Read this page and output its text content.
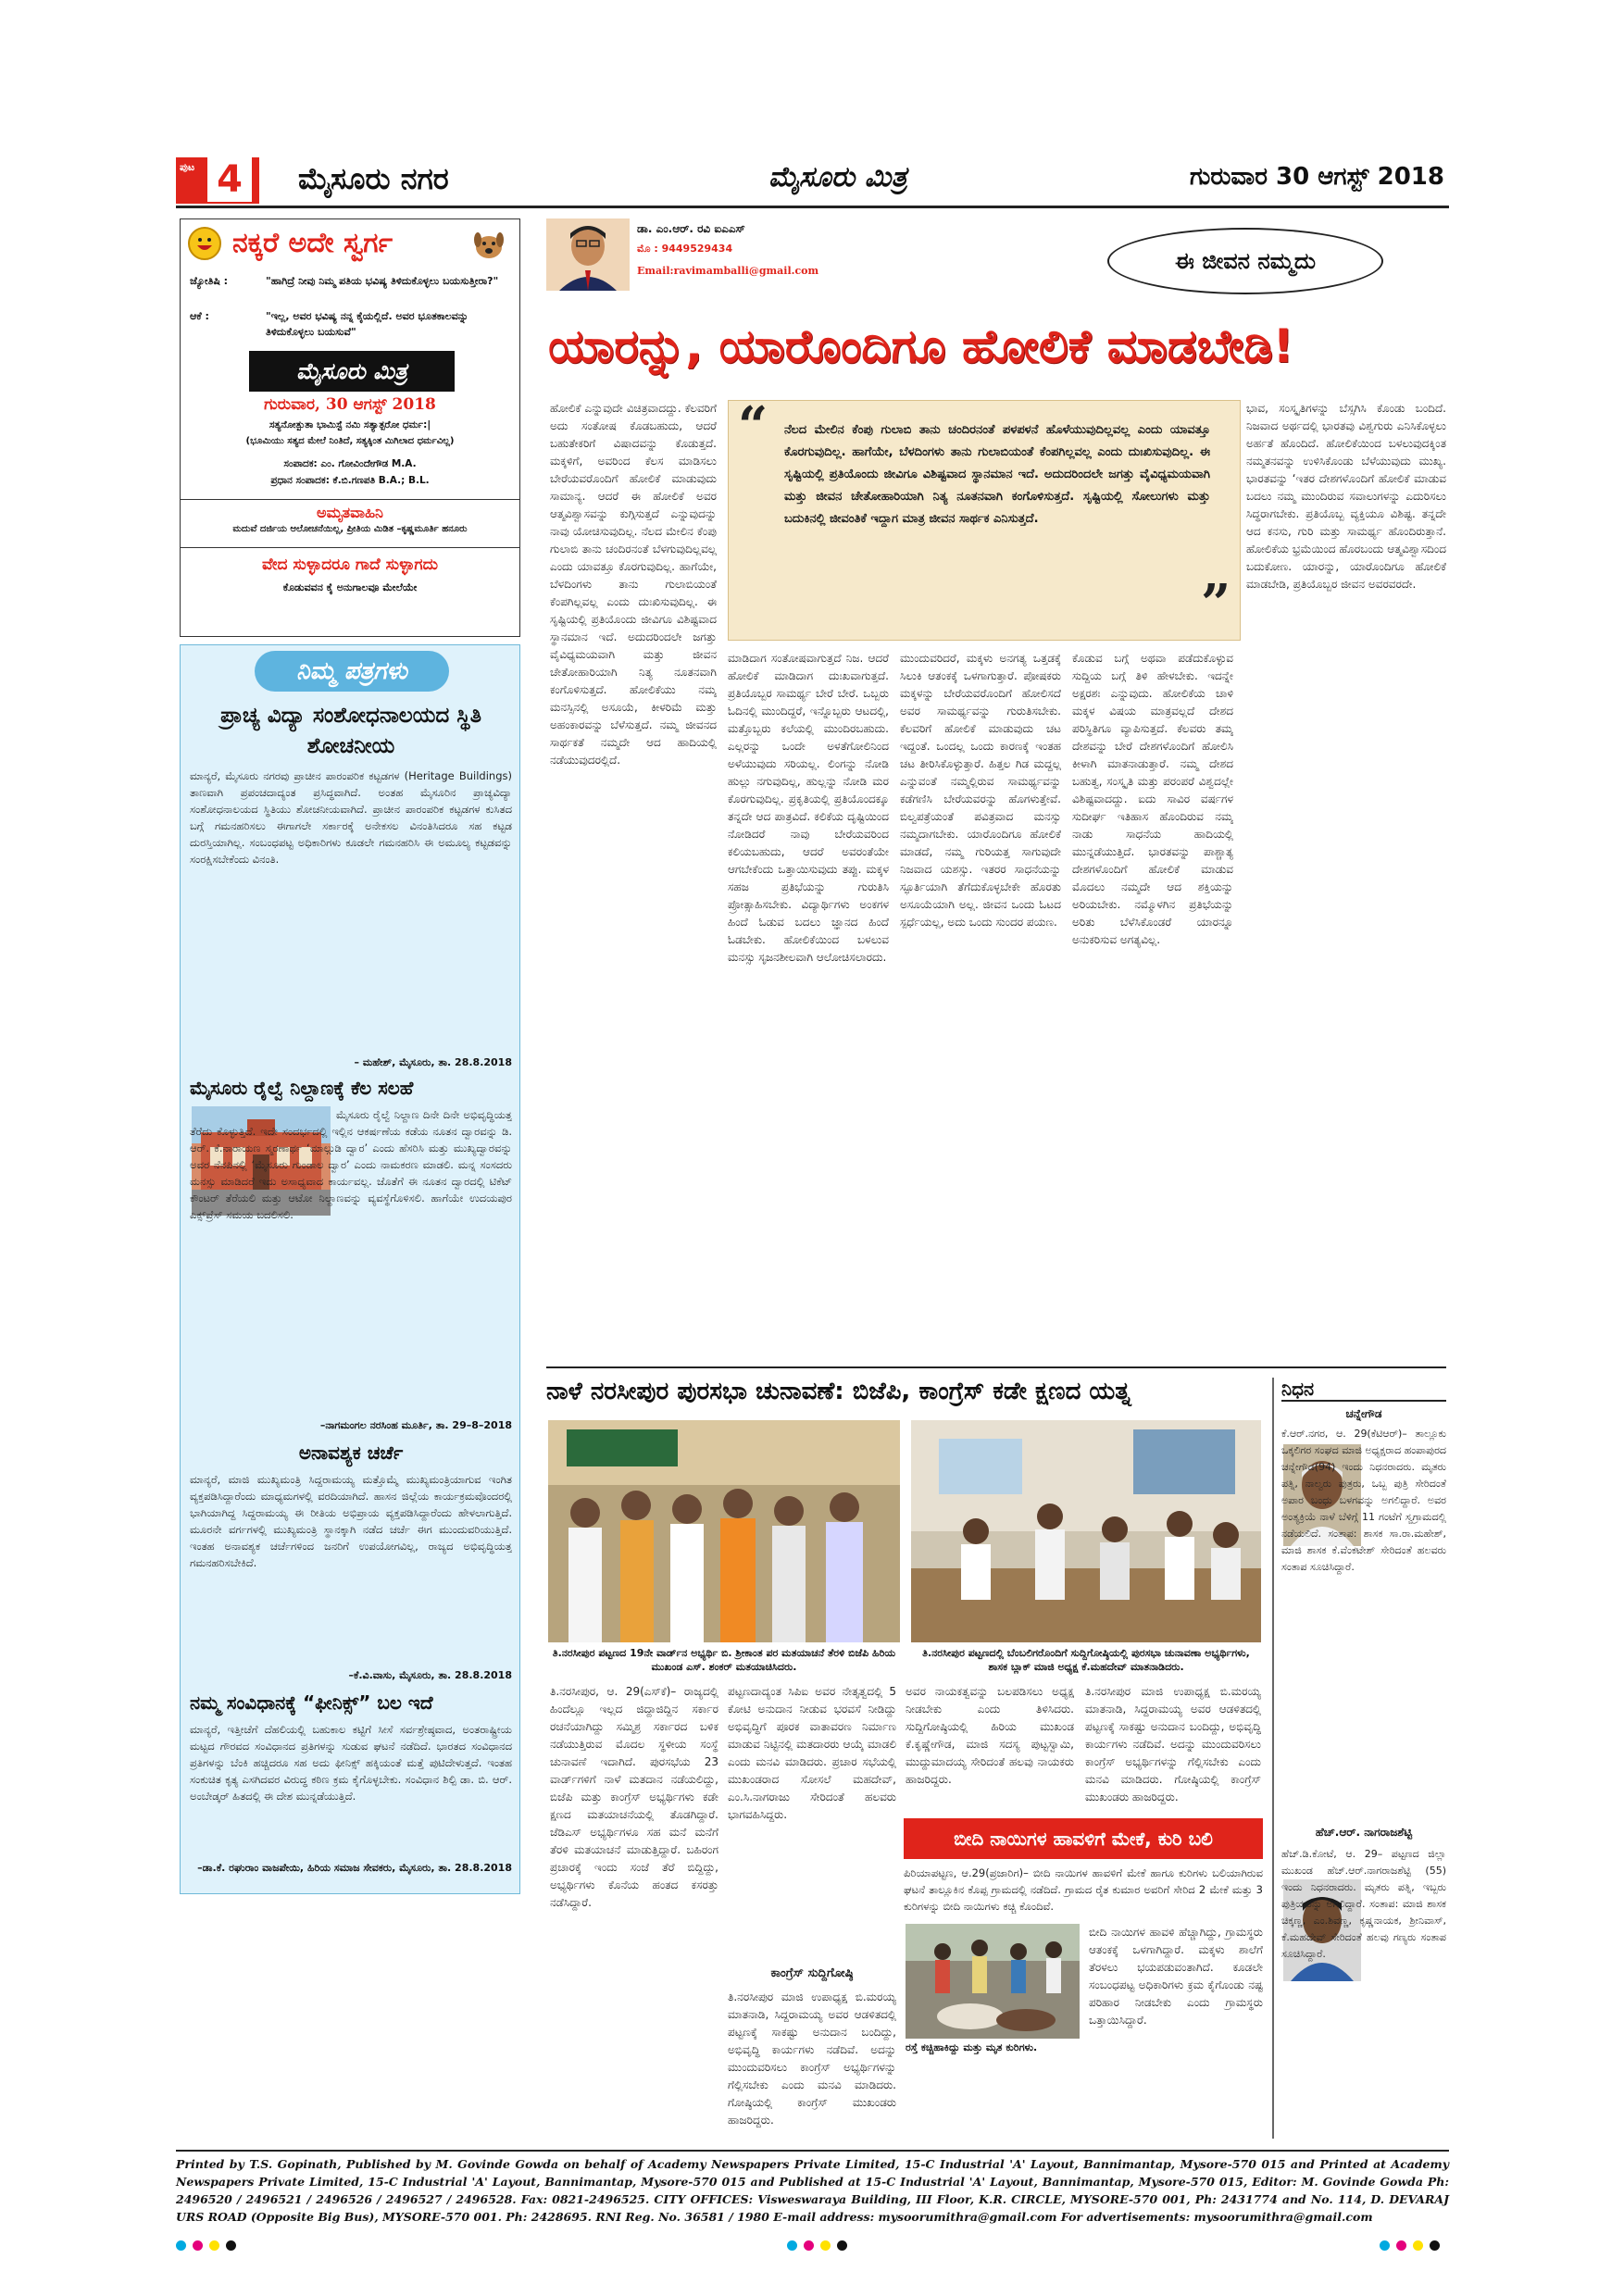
ಪುಟ 4	ಮೈಸೂರು ನಗರ	ಮೈಸೂರು ಮಿತ್ರ	ಗುರುವಾರ 30 ಆಗಸ್ಟ್ 2018
ನಕ್ಕರೆ ಅದೇ ಸ್ವರ್ಗ
ಜ್ಯೋತಿಷಿ :	"ಹಾಗಿದ್ರೆ ನೀವು ನಿಮ್ಮ ಪತಿಯ ಭವಿಷ್ಯ ತಿಳಿದುಕೊಳ್ಳಲು ಬಯಸುತ್ತೀರಾ?"
ಆಕೆ :	"ಇಲ್ಲ, ಅವರ ಭವಿಷ್ಯ ನನ್ನ ಕೈಯಲ್ಲಿದೆ. ಅವರ ಭೂತಕಾಲವನ್ನು ತಿಳಿದುಕೊಳ್ಳಲು ಬಯಸುವೆ"
ಮೈಸೂರು ಮಿತ್ರ
ಗುರುವಾರ, 30 ಆಗಸ್ಟ್ 2018
ಸತ್ಯನೋತ್ಪುತಾ ಭಾಮಿಸ್ಟೆ ನಮಿ ಸತ್ಯಾತ್ಪರೋ ಧರ್ಮ:|
(ಭೂಮಿಯು ಸತ್ಯದ ಮೇಲೆ ನಿಂತಿದೆ, ಸತ್ಯಕ್ಕಿಂತ ಮಿಗಿಲಾದ ಧರ್ಮವಿಲ್ಲ)
ಸಂಪಾದಕ: ಎಂ. ಗೋವಿಂದೇಗೌಡ M.A.
ಪ್ರಧಾನ ಸಂಪಾದಕ: ಕೆ.ಬಿ.ಗಣಪತಿ B.A.; B.L.
ಅಮೃತವಾಹಿನಿ
ಮದುವೆ ದರ್ಜಿಯ ಆಲೋಚನೆಯಿಲ್ಲ, ಪ್ರೀತಿಯ ಮಿಡಿತ –ಕೃಷ್ಣಮೂರ್ತಿ ಹನೂರು
ವೇದ ಸುಳ್ಳಾದರೂ ಗಾದೆ ಸುಳ್ಳಾಗದು
ಕೊಡುವವನ ಕೈ ಅನುಗಾಲವೂ ಮೇಲೆಯೇ
ನಿಮ್ಮ ಪತ್ರಗಳು
ಪ್ರಾಚ್ಯ ವಿದ್ಯಾ ಸಂಶೋಧನಾಲಯದ ಸ್ಥಿತಿ ಶೋಚನೀಯ
ಮಾನ್ಯರೆ, ಮೈಸೂರು ನಗರವು ಪ್ರಾಚೀನ ಪಾರಂಪರಿಕ ಕಟ್ಟಡಗಳ (Heritage Buildings) ತಾಣವಾಗಿ ಪ್ರಪಂಚದಾದ್ಯಂತ ಪ್ರಸಿದ್ಧವಾಗಿದೆ. ಅಂತಹ ಮೈಸೂರಿನ ಪ್ರಾಚ್ಯವಿದ್ಯಾ ಸಂಶೋಧನಾಲಯದ ಸ್ಥಿತಿಯು ಶೋಚನೀಯವಾಗಿದೆ. ಪ್ರಾಚೀನ ಪಾರಂಪರಿಕ ಕಟ್ಟಡಗಳ ಕುಸಿತದ ಬಗ್ಗೆ ಗಮನಹರಿಸಲು ಈಗಾಗಲೇ ಸರ್ಕಾರಕ್ಕೆ ಅನೇಕಸಲ ವಿನಂತಿಸಿದರೂ ಸಹ ಕಟ್ಟಡ ದುರಸ್ತಿಯಾಗಿಲ್ಲ. ಸಂಬಂಧಪಟ್ಟ ಅಧಿಕಾರಿಗಳು ಕೂಡಲೇ ಗಮನಹರಿಸಿ ಈ ಅಮೂಲ್ಯ ಕಟ್ಟಡವನ್ನು ಸಂರಕ್ಷಿಸಬೇಕೆಂದು ವಿನಂತಿ.
– ಮಹೇಶ್, ಮೈಸೂರು, ತಾ. 28.8.2018
ಮೈಸೂರು ರೈಲ್ವೆ ನಿಲ್ದಾಣಕ್ಕೆ ಕೆಲ ಸಲಹೆ
ಮೈಸೂರು ರೈಲ್ವೆ ನಿಲ್ದಾಣ ದಿನೇ ದಿನೇ ಅಭಿವೃದ್ಧಿಯತ್ತ ತೆರೆದು ಕೊಳ್ಳುತ್ತಿದೆ. ಇದೇ ಸಂದರ್ಭದಲ್ಲಿ ಇಲ್ಲಿನ ಆಕರ್ಷಣೆಯ ಕಡೆಯ ನೂತನ ದ್ವಾರವನ್ನು ಡಿ. ಆರ್. ಕೆ.ನಾರಾಯಣ ಸ್ಮರಣಾರ್ಥ ‘ಮಾಲ್ಗುಡಿ ದ್ವಾರ’ ಎಂದು ಹೆಸರಿಸಿ ಮತ್ತು ಮುಖ್ಯದ್ವಾರವನ್ನು ಅವರ ನೆನಪಿನಲ್ಲಿ ‘ಮೈಸೂರು ಗುಂಡಾಲ ದ್ವಾರ’ ಎಂದು ನಾಮಕರಣ ಮಾಡಲಿ. ಮನ್ನ ಸಂಸದರು ಮನಸ್ಸು ಮಾಡಿದರೆ ಇದು ಅಸಾಧ್ಯವಾದ ಕಾರ್ಯವಲ್ಲ. ಜೊತೆಗೆ ಈ ನೂತನ ದ್ವಾರದಲ್ಲಿ ಟಿಕೆಟ್ ಕೌಂಟರ್ ತೆರೆಯಲಿ ಮತ್ತು ಆಟೋ ನಿಲ್ದಾಣವನ್ನು ವ್ಯವಸ್ಥೆಗೊಳಿಸಲಿ. ಹಾಗೆಯೇ ಉದಯಪುರ ಎಕ್ಸ್‌ಪ್ರೆಸ್ ಸಮಯ ಬದಲಿಸಲಿ.
–ನಾಗಮಂಗಲ ನರಸಿಂಹ ಮೂರ್ತಿ, ತಾ. 29–8–2018
ಅನಾವಶ್ಯಕ ಚರ್ಚೆ
ಮಾನ್ಯರೆ, ಮಾಜಿ ಮುಖ್ಯಮಂತ್ರಿ ಸಿದ್ದರಾಮಯ್ಯ ಮತ್ತೊಮ್ಮೆ ಮುಖ್ಯಮಂತ್ರಿಯಾಗುವ ಇಂಗಿತ ವ್ಯಕ್ತಪಡಿಸಿದ್ದಾರೆಂದು ಮಾಧ್ಯಮಗಳಲ್ಲಿ ವರದಿಯಾಗಿದೆ. ಹಾಸನ ಜಿಲ್ಲೆಯ ಕಾರ್ಯಕ್ರಮವೊಂದರಲ್ಲಿ ಭಾಗಿಯಾಗಿದ್ದ ಸಿದ್ದರಾಮಯ್ಯ ಈ ರೀತಿಯ ಅಭಿಪ್ರಾಯ ವ್ಯಕ್ತಪಡಿಸಿದ್ದಾರೆಂದು ಹೇಳಲಾಗುತ್ತಿದೆ. ಮೂರನೇ ವರ್ಗಗಳಲ್ಲಿ ಮುಖ್ಯಮಂತ್ರಿ ಸ್ಥಾನಕ್ಕಾಗಿ ನಡೆದ ಚರ್ಚೆ ಈಗ ಮುಂದುವರಿಯುತ್ತಿದೆ. ಇಂತಹ ಅನಾವಶ್ಯಕ ಚರ್ಚೆಗಳಿಂದ ಜನರಿಗೆ ಉಪಯೋಗವಿಲ್ಲ, ರಾಜ್ಯದ ಅಭಿವೃದ್ಧಿಯತ್ತ ಗಮನಹರಿಸಬೇಕಿದೆ.
–ಕೆ.ವಿ.ವಾಸು, ಮೈಸೂರು, ತಾ. 28.8.2018
ನಮ್ಮ ಸಂವಿಧಾನಕ್ಕೆ “ಫೀನಿಕ್ಸ್” ಬಲ ಇದೆ
ಮಾನ್ಯರೆ, ಇತ್ತೀಚೆಗೆ ದೆಹಲಿಯಲ್ಲಿ ಬಹುಕಾಲ ಕಟ್ಟಿಗೆ ಸೀಸೆ ಸರ್ವಶ್ರೇಷ್ಠವಾದ, ಅಂತರಾಷ್ಟ್ರೀಯ ಮಟ್ಟದ ಗೌರವದ ಸಂವಿಧಾನದ ಪ್ರತಿಗಳನ್ನು ಸುಡುವ ಘಟನೆ ನಡೆದಿದೆ. ಭಾರತದ ಸಂವಿಧಾನದ ಪ್ರತಿಗಳನ್ನು ಬೆಂಕಿ ಹಚ್ಚಿದರೂ ಸಹ ಅದು ಫೀನಿಕ್ಸ್ ಹಕ್ಕಿಯಂತೆ ಮತ್ತೆ ಪುಟಿದೇಳುತ್ತದೆ. ಇಂತಹ ಸಂಕುಚಿತ ಕೃತ್ಯ ಎಸಗಿದವರ ವಿರುದ್ಧ ಕಠಿಣ ಕ್ರಮ ಕೈಗೊಳ್ಳಬೇಕು. ಸಂವಿಧಾನ ಶಿಲ್ಪಿ ಡಾ. ಬಿ. ಆರ್. ಅಂಬೇಡ್ಕರ್ ಹಿತದಲ್ಲಿ ಈ ದೇಶ ಮುನ್ನಡೆಯುತ್ತಿದೆ.
–ಡಾ.ಕೆ. ರಘುರಾಂ ವಾಜಪೇಯಿ, ಹಿರಿಯ ಸಮಾಜ ಸೇವಕರು, ಮೈಸೂರು, ತಾ. 28.8.2018
ಡಾ. ಎಂ.ಆರ್. ರವಿ ಐಎಎಸ್
ಮೊ : 9449529434
Email:ravimamballi@gmail.com	ಈ ಜೀವನ ನಮ್ಮದು
ಯಾರನ್ನು, ಯಾರೊಂದಿಗೂ ಹೋಲಿಕೆ ಮಾಡಬೇಡಿ!
“ ನೆಲದ ಮೇಲಿನ ಕೆಂಪು ಗುಲಾಬಿ ತಾನು ಚಂದಿರನಂತೆ ಪಳಪಳನೆ ಹೊಳೆಯುವುದಿಲ್ಲವಲ್ಲ ಎಂದು ಯಾವತ್ತೂ ಕೊರಗುವುದಿಲ್ಲ. ಹಾಗೆಯೇ, ಬೆಳದಿಂಗಳು ತಾನು ಗುಲಾಬಿಯಂತೆ ಕೆಂಪಗಿಲ್ಲವಲ್ಲ ಎಂದು ದುಃಖಿಸುವುದಿಲ್ಲ. ಈ ಸೃಷ್ಟಿಯಲ್ಲಿ ಪ್ರತಿಯೊಂದು ಜೀವಿಗೂ ವಿಶಿಷ್ಟವಾದ ಸ್ಥಾನಮಾನ ಇದೆ. ಅದುದರಿಂದಲೇ ಜಗತ್ತು ವೈವಿಧ್ಯಮಯವಾಗಿ ಮತ್ತು ಜೀವನ ಚೇತೋಹಾರಿಯಾಗಿ ನಿತ್ಯ ನೂತನವಾಗಿ ಕಂಗೊಳಿಸುತ್ತದೆ. ಸೃಷ್ಟಿಯಲ್ಲಿ ಸೋಲುಗಳು ಮತ್ತು ಬದುಕಿನಲ್ಲಿ ಜೀವಂತಿಕೆ ಇದ್ದಾಗ ಮಾತ್ರ ಜೀವನ ಸಾರ್ಥಕ ಎನಿಸುತ್ತದೆ.
”
ಹೋಲಿಕೆ ಎನ್ನುವುದೇ ವಿಚಿತ್ರವಾದದ್ದು. ಕೆಲವರಿಗೆ ಅದು ಸಂತೋಷ ಕೊಡಬಹುದು, ಆದರೆ ಬಹುತೇಕರಿಗೆ ವಿಷಾದವನ್ನು ಕೊಡುತ್ತದೆ. ಮಕ್ಕಳಿಗೆ, ಅವರಿಂದ ಕೆಲಸ ಮಾಡಿಸಲು ಬೇರೆಯವರೊಂದಿಗೆ ಹೋಲಿಕೆ ಮಾಡುವುದು ಸಾಮಾನ್ಯ. ಆದರೆ ಈ ಹೋಲಿಕೆ ಅವರ ಆತ್ಮವಿಶ್ವಾಸವನ್ನು ಕುಗ್ಗಿಸುತ್ತದೆ ಎನ್ನುವುದನ್ನು ನಾವು ಯೋಚಿಸುವುದಿಲ್ಲ. ನೆಲದ ಮೇಲಿನ ಕೆಂಪು ಗುಲಾಬಿ ತಾನು ಚಂದಿರನಂತೆ ಬೆಳಗುವುದಿಲ್ಲವಲ್ಲ ಎಂದು ಯಾವತ್ತೂ ಕೊರಗುವುದಿಲ್ಲ. ಹಾಗೆಯೇ, ಬೆಳದಿಂಗಳು ತಾನು ಗುಲಾಬಿಯಂತೆ ಕೆಂಪಗಿಲ್ಲವಲ್ಲ ಎಂದು ದುಃಖಿಸುವುದಿಲ್ಲ. ಈ ಸೃಷ್ಟಿಯಲ್ಲಿ ಪ್ರತಿಯೊಂದು ಜೀವಿಗೂ ವಿಶಿಷ್ಟವಾದ ಸ್ಥಾನಮಾನ ಇದೆ. ಅದುದರಿಂದಲೇ ಜಗತ್ತು ವೈವಿಧ್ಯಮಯವಾಗಿ ಮತ್ತು ಜೀವನ ಚೇತೋಹಾರಿಯಾಗಿ ನಿತ್ಯ ನೂತನವಾಗಿ ಕಂಗೊಳಿಸುತ್ತದೆ. ಹೋಲಿಕೆಯು ನಮ್ಮ ಮನಸ್ಸಿನಲ್ಲಿ ಅಸೂಯೆ, ಕೀಳರಿಮೆ ಮತ್ತು ಅಹಂಕಾರವನ್ನು ಬೆಳೆಸುತ್ತದೆ. ನಮ್ಮ ಜೀವನದ ಸಾರ್ಥಕತೆ ನಮ್ಮದೇ ಆದ ಹಾದಿಯಲ್ಲಿ ನಡೆಯುವುದರಲ್ಲಿದೆ.
ಮಾಡಿದಾಗ ಸಂತೋಷವಾಗುತ್ತದೆ ನಿಜ. ಆದರೆ ಹೋಲಿಕೆ ಮಾಡಿದಾಗ ದುಃಖವಾಗುತ್ತದೆ. ಪ್ರತಿಯೊಬ್ಬರ ಸಾಮರ್ಥ್ಯ ಬೇರೆ ಬೇರೆ. ಒಬ್ಬರು ಓದಿನಲ್ಲಿ ಮುಂದಿದ್ದರೆ, ಇನ್ನೊಬ್ಬರು ಆಟದಲ್ಲಿ, ಮತ್ತೊಬ್ಬರು ಕಲೆಯಲ್ಲಿ ಮುಂದಿರಬಹುದು. ಎಲ್ಲರನ್ನು ಒಂದೇ ಅಳತೆಗೋಲಿನಿಂದ ಅಳೆಯುವುದು ಸರಿಯಲ್ಲ. ಲಿಂಗನ್ನು ನೋಡಿ ಹುಲ್ಲು ನಗುವುದಿಲ್ಲ, ಹುಲ್ಲನ್ನು ನೋಡಿ ಮರ ಕೊರಗುವುದಿಲ್ಲ. ಪ್ರಕೃತಿಯಲ್ಲಿ ಪ್ರತಿಯೊಂದಕ್ಕೂ ತನ್ನದೇ ಆದ ಪಾತ್ರವಿದೆ. ಕಲಿಕೆಯ ದೃಷ್ಟಿಯಿಂದ ನೋಡಿದರೆ ನಾವು ಬೇರೆಯವರಿಂದ ಕಲಿಯಬಹುದು, ಆದರೆ ಅವರಂತೆಯೇ ಆಗಬೇಕೆಂದು ಒತ್ತಾಯಿಸುವುದು ತಪ್ಪು. ಮಕ್ಕಳ ಸಹಜ ಪ್ರತಿಭೆಯನ್ನು ಗುರುತಿಸಿ ಪ್ರೋತ್ಸಾಹಿಸಬೇಕು. ವಿದ್ಯಾರ್ಥಿಗಳು ಅಂಕಗಳ ಹಿಂದೆ ಓಡುವ ಬದಲು ಜ್ಞಾನದ ಹಿಂದೆ ಓಡಬೇಕು. ಹೋಲಿಕೆಯಿಂದ ಬಳಲುವ ಮನಸ್ಸು ಸೃಜನಶೀಲವಾಗಿ ಆಲೋಚಿಸಲಾರದು.
ಮುಂದುವರಿದರೆ, ಮಕ್ಕಳು ಅನಗತ್ಯ ಒತ್ತಡಕ್ಕೆ ಸಿಲುಕಿ ಆತಂಕಕ್ಕೆ ಒಳಗಾಗುತ್ತಾರೆ. ಪೋಷಕರು ಮಕ್ಕಳನ್ನು ಬೇರೆಯವರೊಂದಿಗೆ ಹೋಲಿಸದೆ ಅವರ ಸಾಮರ್ಥ್ಯವನ್ನು ಗುರುತಿಸಬೇಕು. ಕೆಲವರಿಗೆ ಹೋಲಿಕೆ ಮಾಡುವುದು ಚಟ ಇದ್ದಂತೆ. ಒಂದಲ್ಲ ಒಂದು ಕಾರಣಕ್ಕೆ ಇಂತಹ ಚಟ ತೀರಿಸಿಕೊಳ್ಳುತ್ತಾರೆ. ಹಿತ್ತಲ ಗಿಡ ಮದ್ದಲ್ಲ ಎನ್ನುವಂತೆ ನಮ್ಮಲ್ಲಿರುವ ಸಾಮರ್ಥ್ಯವನ್ನು ಕಡೆಗಣಿಸಿ ಬೇರೆಯವರನ್ನು ಹೊಗಳುತ್ತೇವೆ. ಬಿಲ್ವಪತ್ರೆಯಂತೆ ಪವಿತ್ರವಾದ ಮನಸ್ಸು ನಮ್ಮದಾಗಬೇಕು. ಯಾರೊಂದಿಗೂ ಹೋಲಿಕೆ ಮಾಡದೆ, ನಮ್ಮ ಗುರಿಯತ್ತ ಸಾಗುವುದೇ ನಿಜವಾದ ಯಶಸ್ಸು. ಇತರರ ಸಾಧನೆಯನ್ನು ಸ್ಫೂರ್ತಿಯಾಗಿ ತೆಗೆದುಕೊಳ್ಳಬೇಕೇ ಹೊರತು ಅಸೂಯೆಯಾಗಿ ಅಲ್ಲ. ಜೀವನ ಒಂದು ಓಟದ ಸ್ಪರ್ಧೆಯಲ್ಲ, ಅದು ಒಂದು ಸುಂದರ ಪಯಣ.
ಕೊಡುವ ಬಗ್ಗೆ ಅಥವಾ ಪಡೆದುಕೊಳ್ಳುವ ಸುದ್ದಿಯ ಬಗ್ಗೆ ತಿಳಿ ಹೇಳಬೇಕು. ಇದನ್ನೇ ಅಕ್ಷರಶಃ ಎನ್ನುವುದು. ಹೋಲಿಕೆಯ ಚಾಳಿ ಮಕ್ಕಳ ವಿಷಯ ಮಾತ್ರವಲ್ಲದೆ ದೇಶದ ಪರಿಸ್ಥಿತಿಗೂ ವ್ಯಾಪಿಸುತ್ತದೆ. ಕೆಲವರು ತಮ್ಮ ದೇಶವನ್ನು ಬೇರೆ ದೇಶಗಳೊಂದಿಗೆ ಹೋಲಿಸಿ ಕೀಳಾಗಿ ಮಾತನಾಡುತ್ತಾರೆ. ನಮ್ಮ ದೇಶದ ಬಹುತ್ವ, ಸಂಸ್ಕೃತಿ ಮತ್ತು ಪರಂಪರೆ ವಿಶ್ವದಲ್ಲೇ ವಿಶಿಷ್ಟವಾದದ್ದು. ಐದು ಸಾವಿರ ವರ್ಷಗಳ ಸುದೀರ್ಘ ಇತಿಹಾಸ ಹೊಂದಿರುವ ನಮ್ಮ ನಾಡು ಸಾಧನೆಯ ಹಾದಿಯಲ್ಲಿ ಮುನ್ನಡೆಯುತ್ತಿದೆ. ಭಾರತವನ್ನು ಪಾಶ್ಚಾತ್ಯ ದೇಶಗಳೊಂದಿಗೆ ಹೋಲಿಕೆ ಮಾಡುವ ಮೊದಲು ನಮ್ಮದೇ ಆದ ಶಕ್ತಿಯನ್ನು ಅರಿಯಬೇಕು. ನಮ್ಮೊಳಗಿನ ಪ್ರತಿಭೆಯನ್ನು ಅರಿತು ಬೆಳೆಸಿಕೊಂಡರೆ ಯಾರನ್ನೂ ಅನುಕರಿಸುವ ಅಗತ್ಯವಿಲ್ಲ.
ಭಾವ, ಸಂಸ್ಕೃತಿಗಳನ್ನು ಬೆಸ್ಸಗಿಸಿ ಕೊಂಡು ಬಂದಿದೆ. ನಿಜವಾದ ಅರ್ಥದಲ್ಲಿ ಭಾರತವು ವಿಶ್ವಗುರು ಎನಿಸಿಕೊಳ್ಳಲು ಅರ್ಹತೆ ಹೊಂದಿದೆ. ಹೋಲಿಕೆಯಿಂದ ಬಳಲುವುದಕ್ಕಿಂತ ನಮ್ಮತನವನ್ನು ಉಳಿಸಿಕೊಂಡು ಬೆಳೆಯುವುದು ಮುಖ್ಯ. ಭಾರತವನ್ನು ‘ಇತರ ದೇಶಗಳೊಂದಿಗೆ ಹೋಲಿಕೆ ಮಾಡುವ ಬದಲು ನಮ್ಮ ಮುಂದಿರುವ ಸವಾಲುಗಳನ್ನು ಎದುರಿಸಲು ಸಿದ್ಧರಾಗಬೇಕು. ಪ್ರತಿಯೊಬ್ಬ ವ್ಯಕ್ತಿಯೂ ವಿಶಿಷ್ಟ. ತನ್ನದೇ ಆದ ಕನಸು, ಗುರಿ ಮತ್ತು ಸಾಮರ್ಥ್ಯ ಹೊಂದಿರುತ್ತಾನೆ. ಹೋಲಿಕೆಯ ಭ್ರಮೆಯಿಂದ ಹೊರಬಂದು ಆತ್ಮವಿಶ್ವಾಸದಿಂದ ಬದುಕೋಣ. ಯಾರನ್ನು, ಯಾರೊಂದಿಗೂ ಹೋಲಿಕೆ ಮಾಡಬೇಡಿ, ಪ್ರತಿಯೊಬ್ಬರ ಜೀವನ ಅವರವರದೇ.
ನಾಳೆ ನರಸೀಪುರ ಪುರಸಭಾ ಚುನಾವಣೆ: ಬಿಜೆಪಿ, ಕಾಂಗ್ರೆಸ್ ಕಡೇ ಕ್ಷಣದ ಯತ್ನ
ತಿ.ನರಸೀಪುರ ಪಟ್ಟಣದ 19ನೇ ವಾರ್ಡ್‌ನ ಅಭ್ಯರ್ಥಿ ಬಿ. ಶ್ರೀಕಾಂತ ಪರ ಮತಯಾಚನೆ ತೆರಳಿ ಬಿಜೆಪಿ ಹಿರಿಯ ಮುಖಂಡ ಎಸ್. ಶಂಕರ್ ಮತಯಾಚಿಸಿದರು.
ತಿ.ನರಸೀಪುರ ಪಟ್ಟಣದಲ್ಲಿ ಬೆಂಬಲಿಗರೊಂದಿಗೆ ಸುದ್ದಿಗೋಷ್ಠಿಯಲ್ಲಿ ಪುರಸಭಾ ಚುನಾವಣಾ ಅಭ್ಯರ್ಥಿಗಳು, ಶಾಸಕ ಬ್ಲಾಕ್ ಮಾಜಿ ಅಧ್ಯಕ್ಷ ಕೆ.ಮಹದೇವ್ ಮಾತನಾಡಿದರು.
ತಿ.ನರಸೀಪುರ, ಆ. 29(ಎಸ್‌ಕೆ)– ರಾಜ್ಯದಲ್ಲಿ ಹಿಂದೆಲ್ಲೂ ಇಲ್ಲದ ಜಿದ್ದಾಜಿದ್ದಿನ ಸರ್ಕಾರ ರಚನೆಯಾಗಿದ್ದು ಸಮ್ಮಿಶ್ರ ಸರ್ಕಾರದ ಬಳಿಕ ನಡೆಯುತ್ತಿರುವ ಮೊದಲ ಸ್ಥಳೀಯ ಸಂಸ್ಥೆ ಚುನಾವಣೆ ಇದಾಗಿದೆ. ಪುರಸಭೆಯ 23 ವಾರ್ಡ್‌ಗಳಿಗೆ ನಾಳೆ ಮತದಾನ ನಡೆಯಲಿದ್ದು, ಬಿಜೆಪಿ ಮತ್ತು ಕಾಂಗ್ರೆಸ್ ಅಭ್ಯರ್ಥಿಗಳು ಕಡೇ ಕ್ಷಣದ ಮತಯಾಚನೆಯಲ್ಲಿ ತೊಡಗಿದ್ದಾರೆ. ಜೆಡಿಎಸ್ ಅಭ್ಯರ್ಥಿಗಳೂ ಸಹ ಮನೆ ಮನೆಗೆ ತೆರಳಿ ಮತಯಾಚನೆ ಮಾಡುತ್ತಿದ್ದಾರೆ. ಬಹಿರಂಗ ಪ್ರಚಾರಕ್ಕೆ ಇಂದು ಸಂಜೆ ತೆರೆ ಬಿದ್ದಿದ್ದು, ಅಭ್ಯರ್ಥಿಗಳು ಕೊನೆಯ ಹಂತದ ಕಸರತ್ತು ನಡೆಸಿದ್ದಾರೆ.
ಪಟ್ಟಣದಾದ್ಯಂತ ಸಿಪಿಐ ಅವರ ನೇತೃತ್ವದಲ್ಲಿ 5 ಕೋಟಿ ಅನುದಾನ ನೀಡುವ ಭರವಸೆ ನೀಡಿದ್ದು ಅಭಿವೃದ್ಧಿಗೆ ಪೂರಕ ವಾತಾವರಣ ನಿರ್ಮಾಣ ಮಾಡುವ ನಿಟ್ಟಿನಲ್ಲಿ ಮತದಾರರು ಆಯ್ಕೆ ಮಾಡಲಿ ಎಂದು ಮನವಿ ಮಾಡಿದರು. ಪ್ರಚಾರ ಸಭೆಯಲ್ಲಿ ಮುಖಂಡರಾದ ಸೋಸಲೆ ಮಹದೇವ್, ಎಂ.ಸಿ.ನಾಗರಾಜು ಸೇರಿದಂತೆ ಹಲವರು ಭಾಗವಹಿಸಿದ್ದರು.
ಕಾಂಗ್ರೆಸ್ ಸುದ್ದಿಗೋಷ್ಠಿ
ತಿ.ನರಸೀಪುರ ಮಾಜಿ ಉಪಾಧ್ಯಕ್ಷ ಬಿ.ಮರಯ್ಯ ಮಾತನಾಡಿ, ಸಿದ್ದರಾಮಯ್ಯ ಅವರ ಆಡಳಿತದಲ್ಲಿ ಪಟ್ಟಣಕ್ಕೆ ಸಾಕಷ್ಟು ಅನುದಾನ ಬಂದಿದ್ದು, ಅಭಿವೃದ್ಧಿ ಕಾರ್ಯಗಳು ನಡೆದಿವೆ. ಅದನ್ನು ಮುಂದುವರಿಸಲು ಕಾಂಗ್ರೆಸ್ ಅಭ್ಯರ್ಥಿಗಳನ್ನು ಗೆಲ್ಲಿಸಬೇಕು ಎಂದು ಮನವಿ ಮಾಡಿದರು. ಗೋಷ್ಠಿಯಲ್ಲಿ ಕಾಂಗ್ರೆಸ್ ಮುಖಂಡರು ಹಾಜರಿದ್ದರು.
ಅವರ ನಾಯಕತ್ವವನ್ನು ಬಲಪಡಿಸಲು ಅಧ್ಯಕ್ಷ ನೀಡಬೇಕು ಎಂದು ತಿಳಿಸಿದರು. ಸುದ್ದಿಗೋಷ್ಠಿಯಲ್ಲಿ ಹಿರಿಯ ಮುಖಂಡ ಕೆ.ಕೃಷ್ಣೇಗೌಡ, ಮಾಜಿ ಸದಸ್ಯ ಪುಟ್ಟಸ್ವಾಮಿ, ಮುದ್ದುಮಾದಯ್ಯ ಸೇರಿದಂತೆ ಹಲವು ನಾಯಕರು ಹಾಜರಿದ್ದರು.
ತಿ.ನರಸೀಪುರ ಮಾಜಿ ಉಪಾಧ್ಯಕ್ಷ ಬಿ.ಮರಯ್ಯ ಮಾತನಾಡಿ, ಸಿದ್ದರಾಮಯ್ಯ ಅವರ ಆಡಳಿತದಲ್ಲಿ ಪಟ್ಟಣಕ್ಕೆ ಸಾಕಷ್ಟು ಅನುದಾನ ಬಂದಿದ್ದು, ಅಭಿವೃದ್ಧಿ ಕಾರ್ಯಗಳು ನಡೆದಿವೆ. ಅದನ್ನು ಮುಂದುವರಿಸಲು ಕಾಂಗ್ರೆಸ್ ಅಭ್ಯರ್ಥಿಗಳನ್ನು ಗೆಲ್ಲಿಸಬೇಕು ಎಂದು ಮನವಿ ಮಾಡಿದರು. ಗೋಷ್ಠಿಯಲ್ಲಿ ಕಾಂಗ್ರೆಸ್ ಮುಖಂಡರು ಹಾಜರಿದ್ದರು.
ಬೀದಿ ನಾಯಿಗಳ ಹಾವಳಿಗೆ ಮೇಕೆ, ಕುರಿ ಬಲಿ
ಪಿರಿಯಾಪಟ್ಟಣ, ಆ.29(ಪ್ರಜಾರಿಗ)– ಬೀದಿ ನಾಯಿಗಳ ಹಾವಳಿಗೆ ಮೇಕೆ ಹಾಗೂ ಕುರಿಗಳು ಬಲಿಯಾಗಿರುವ ಘಟನೆ ತಾಲ್ಲೂಕಿನ ಕೊಪ್ಪ ಗ್ರಾಮದಲ್ಲಿ ನಡೆದಿದೆ. ಗ್ರಾಮದ ರೈತ ಕುಮಾರ ಅವರಿಗೆ ಸೇರಿದ 2 ಮೇಕೆ ಮತ್ತು 3 ಕುರಿಗಳನ್ನು ಬೀದಿ ನಾಯಿಗಳು ಕಚ್ಚಿ ಕೊಂದಿವೆ.
ರಸ್ತೆ ಕಚ್ಚಿಹಾಕಿದ್ದು ಮತ್ತು ಮೃತ ಕುರಿಗಳು.
ಬೀದಿ ನಾಯಿಗಳ ಹಾವಳಿ ಹೆಚ್ಚಾಗಿದ್ದು, ಗ್ರಾಮಸ್ಥರು ಆತಂಕಕ್ಕೆ ಒಳಗಾಗಿದ್ದಾರೆ. ಮಕ್ಕಳು ಶಾಲೆಗೆ ತೆರಳಲು ಭಯಪಡುವಂತಾಗಿದೆ. ಕೂಡಲೇ ಸಂಬಂಧಪಟ್ಟ ಅಧಿಕಾರಿಗಳು ಕ್ರಮ ಕೈಗೊಂಡು ನಷ್ಟ ಪರಿಹಾರ ನೀಡಬೇಕು ಎಂದು ಗ್ರಾಮಸ್ಥರು ಒತ್ತಾಯಿಸಿದ್ದಾರೆ.
ನಿಧನ
ಚನ್ನೇಗೌಡ
ಕೆ.ಆರ್.ನಗರ, ಆ. 29(ಕೆಟಿಆರ್)– ತಾಲ್ಲೂಕು ಒಕ್ಕಲಿಗರ ಸಂಘದ ಮಾಜಿ ಅಧ್ಯಕ್ಷರಾದ ಹಂಪಾಪುರದ ಚನ್ನೇಗೌಡ(94) ಇಂದು ನಿಧನರಾದರು. ಮೃತರು ಪತ್ನಿ, ನಾಲ್ವರು ಪುತ್ರರು, ಒಬ್ಬ ಪುತ್ರಿ ಸೇರಿದಂತೆ ಅಪಾರ ಬಂಧು ಬಳಗವನ್ನು ಅಗಲಿದ್ದಾರೆ. ಅವರ ಅಂತ್ಯಕ್ರಿಯೆ ನಾಳೆ ಬೆಳಿಗ್ಗೆ 11 ಗಂಟೆಗೆ ಸ್ವಗ್ರಾಮದಲ್ಲಿ ನಡೆಯಲಿದೆ. ಸಂತಾಪ: ಶಾಸಕ ಸಾ.ರಾ.ಮಹೇಶ್, ಮಾಜಿ ಶಾಸಕ ಕೆ.ವೆಂಕಟೇಶ್ ಸೇರಿದಂತೆ ಹಲವರು ಸಂತಾಪ ಸೂಚಿಸಿದ್ದಾರೆ.
ಹೆಚ್.ಆರ್. ನಾಗರಾಜಶೆಟ್ಟಿ
ಹೆಚ್.ಡಿ.ಕೋಟೆ, ಆ. 29– ಪಟ್ಟಣದ ಜಿಲ್ಲಾ ಮುಖಂಡ ಹೆಚ್.ಆರ್.ನಾಗರಾಜಶೆಟ್ಟಿ (55) ಇಂದು ನಿಧನರಾದರು. ಮೃತರು ಪತ್ನಿ, ಇಬ್ಬರು ಪುತ್ರಿಯರನ್ನು ಅಗಲಿದ್ದಾರೆ. ಸಂತಾಪ: ಮಾಜಿ ಶಾಸಕ ಚಿಕ್ಕಣ್ಣ, ಎಂ.ಶಿವಣ್ಣ, ಕೃಷ್ಣನಾಯಕ, ಶ್ರೀನಿವಾಸ್, ಕೆ.ಮಹದೇವ್ ಸೇರಿದಂತೆ ಹಲವು ಗಣ್ಯರು ಸಂತಾಪ ಸೂಚಿಸಿದ್ದಾರೆ.
Printed by T.S. Gopinath, Published by M. Govinde Gowda on behalf of Academy Newspapers Private Limited, 15-C Industrial 'A' Layout, Bannimantap, Mysore-570 015 and Printed at Academy Newspapers Private Limited, 15-C Industrial 'A' Layout, Bannimantap, Mysore-570 015 and Published at 15-C Industrial 'A' Layout, Bannimantap, Mysore-570 015, Editor: M. Govinde Gowda Ph: 2496520 / 2496521 / 2496526 / 2496527 / 2496528. Fax: 0821-2496525. CITY OFFICES: Visweswaraya Building, III Floor, K.R. CIRCLE, MYSORE-570 001, Ph: 2431774 and No. 114, D. DEVARAJ URS ROAD (Opposite Big Bus), MYSORE-570 001. Ph: 2428695. RNI Reg. No. 36581 / 1980 E-mail address: mysoorumithra@gmail.com For advertisements: mysoorumithra@gmail.com
